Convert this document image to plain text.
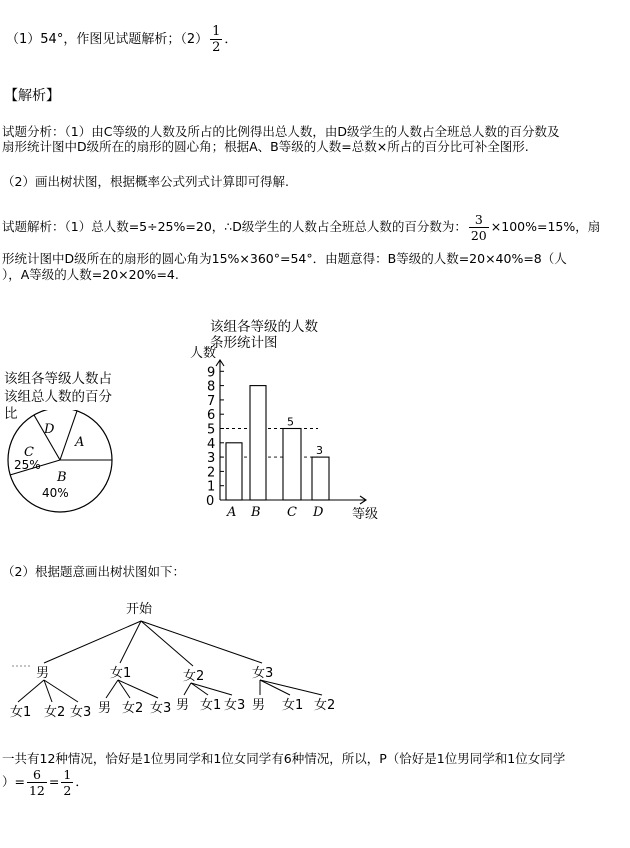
（1）54°，作图见试题解析；$(2) \frac{1}{2}$ ．
【解析】
试题分析：（1）由C等级的人数及所占的比例得出总人数，由D级学生的人数占全班总人数的百分数及
扇形统计图中D级所在的扇形的圆心角；根据A、B等级的人数=总数×所占的百分比可补全图形.
（2）画出树状图，根据概率公式列式计算即可得解.
试题解析：（1）总人数=5÷25%=20，∴D级学生的人数占全班总人数的百分数为： $\frac{3}{20} \times 100\%=15\%$，扇
形统计图中D级所在的扇形的圆心角为15%×360°=54°．由题意得：B等级的人数=20×40%=8（人
），A等级的人数=20×20%=4.
该组各等级人数占
该组总人数的百分
比
D
A
C
25%
B
40%
该组各等级的人数
条形统计图
人数
等级
0
1
2
3
4
5
6
7
8
9
A B C
5
D
3
（2）根据题意画出树状图如下：
开始
男
女1 女2 女3
女1
男 女2 女3
女2
男 女1 女3
女3
男 女1 女2
一共有12种情况，恰好是1位男同学和1位女同学有6种情况，所以，P（恰好是1位男同学和1位女同学
）= $\frac{6}{12} = \frac{1}{2}$ ．
